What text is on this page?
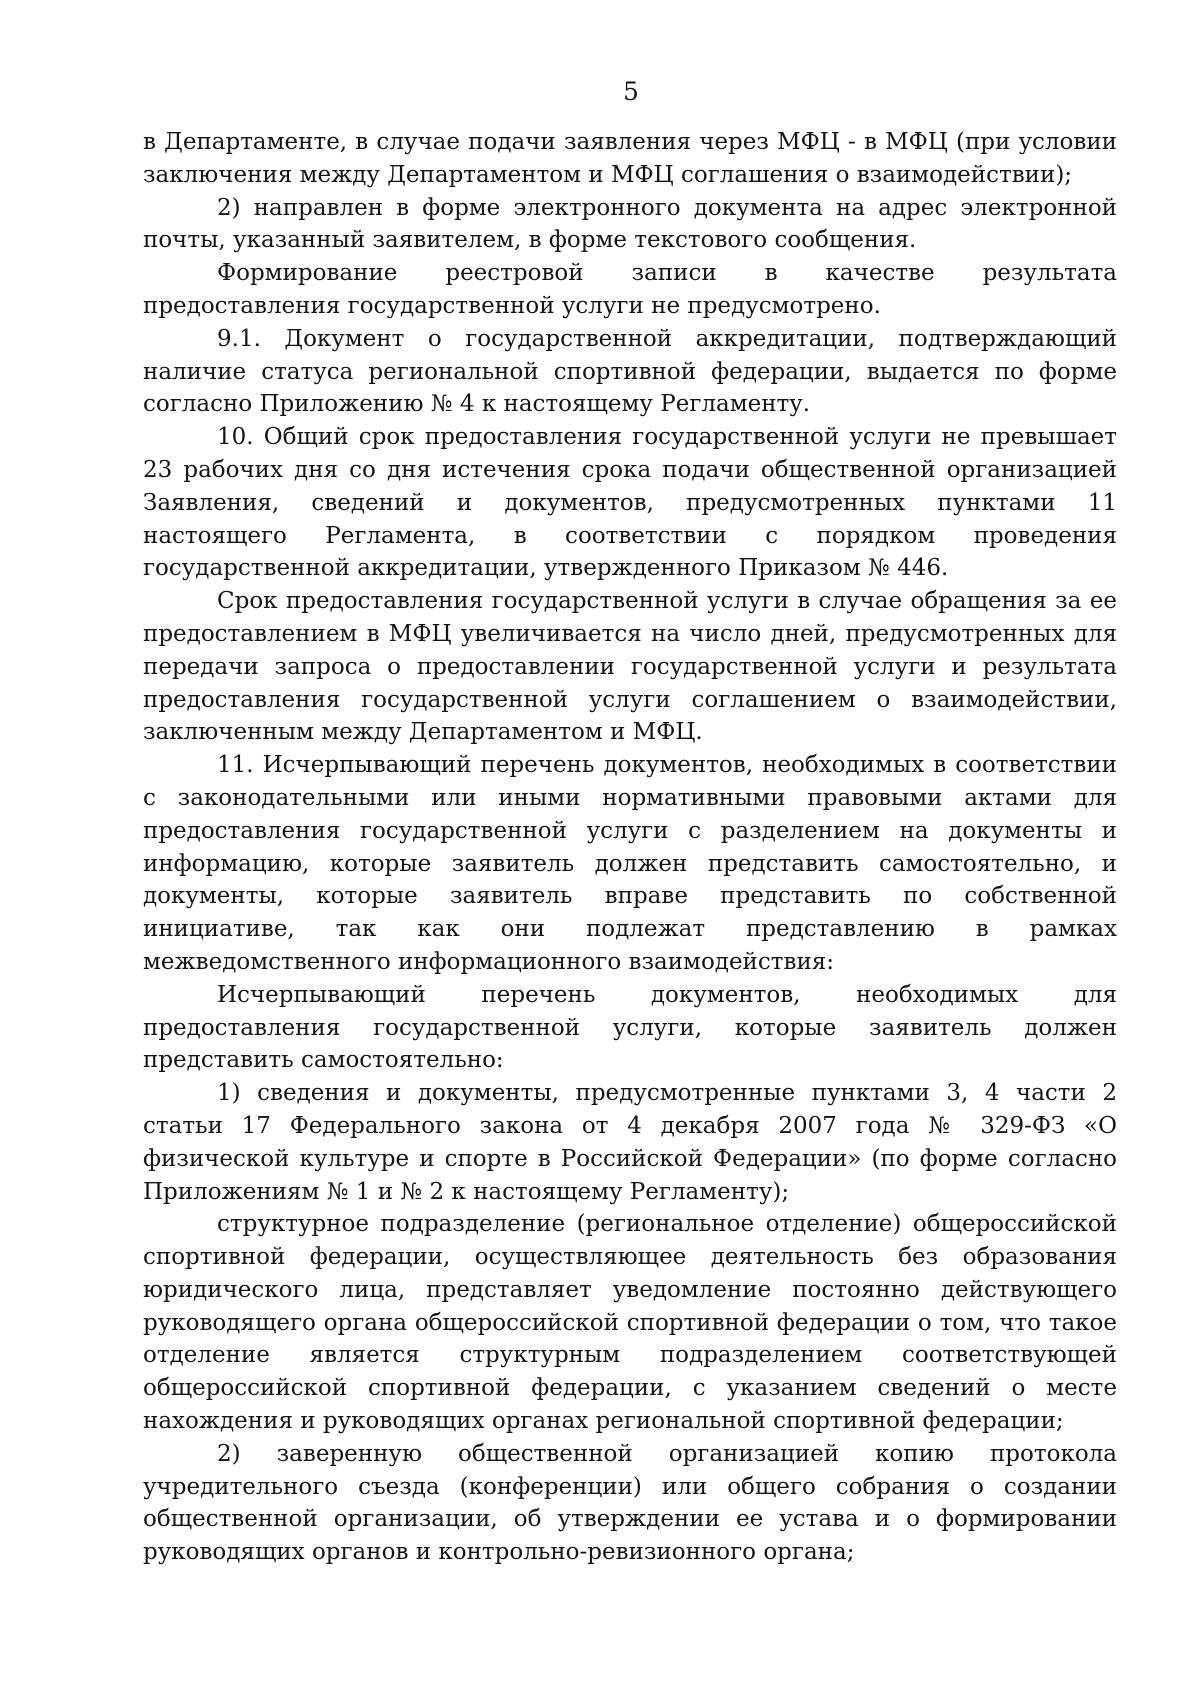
5

в Департаменте, в случае подачи заявления через МФЦ - в МФЦ (при условии заключения между Департаментом и МФЦ соглашения о взаимодействии);

2) направлен в форме электронного документа на адрес электронной почты, указанный заявителем, в форме текстового сообщения.

Формирование реестровой записи в качестве результата предоставления государственной услуги не предусмотрено.

9.1. Документ о государственной аккредитации, подтверждающий наличие статуса региональной спортивной федерации, выдается по форме согласно Приложению № 4 к настоящему Регламенту.

10. Общий срок предоставления государственной услуги не превышает 23 рабочих дня со дня истечения срока подачи общественной организацией Заявления, сведений и документов, предусмотренных пунктами 11 настоящего Регламента, в соответствии с порядком проведения государственной аккредитации, утвержденного Приказом № 446.

Срок предоставления государственной услуги в случае обращения за ее предоставлением в МФЦ увеличивается на число дней, предусмотренных для передачи запроса о предоставлении государственной услуги и результата предоставления государственной услуги соглашением о взаимодействии, заключенным между Департаментом и МФЦ.

11. Исчерпывающий перечень документов, необходимых в соответствии с законодательными или иными нормативными правовыми актами для предоставления государственной услуги с разделением на документы и информацию, которые заявитель должен представить самостоятельно, и документы, которые заявитель вправе представить по собственной инициативе, так как они подлежат представлению в рамках межведомственного информационного взаимодействия:

Исчерпывающий перечень документов, необходимых для предоставления государственной услуги, которые заявитель должен представить самостоятельно:

1) сведения и документы, предусмотренные пунктами 3, 4 части 2 статьи 17 Федерального закона от 4 декабря 2007 года № 329-ФЗ «О физической культуре и спорте в Российской Федерации» (по форме согласно Приложениям № 1 и № 2 к настоящему Регламенту);

структурное подразделение (региональное отделение) общероссийской спортивной федерации, осуществляющее деятельность без образования юридического лица, представляет уведомление постоянно действующего руководящего органа общероссийской спортивной федерации о том, что такое отделение является структурным подразделением соответствующей общероссийской спортивной федерации, с указанием сведений о месте нахождения и руководящих органах региональной спортивной федерации;

2) заверенную общественной организацией копию протокола учредительного съезда (конференции) или общего собрания о создании общественной организации, об утверждении ее устава и о формировании руководящих органов и контрольно-ревизионного органа;
